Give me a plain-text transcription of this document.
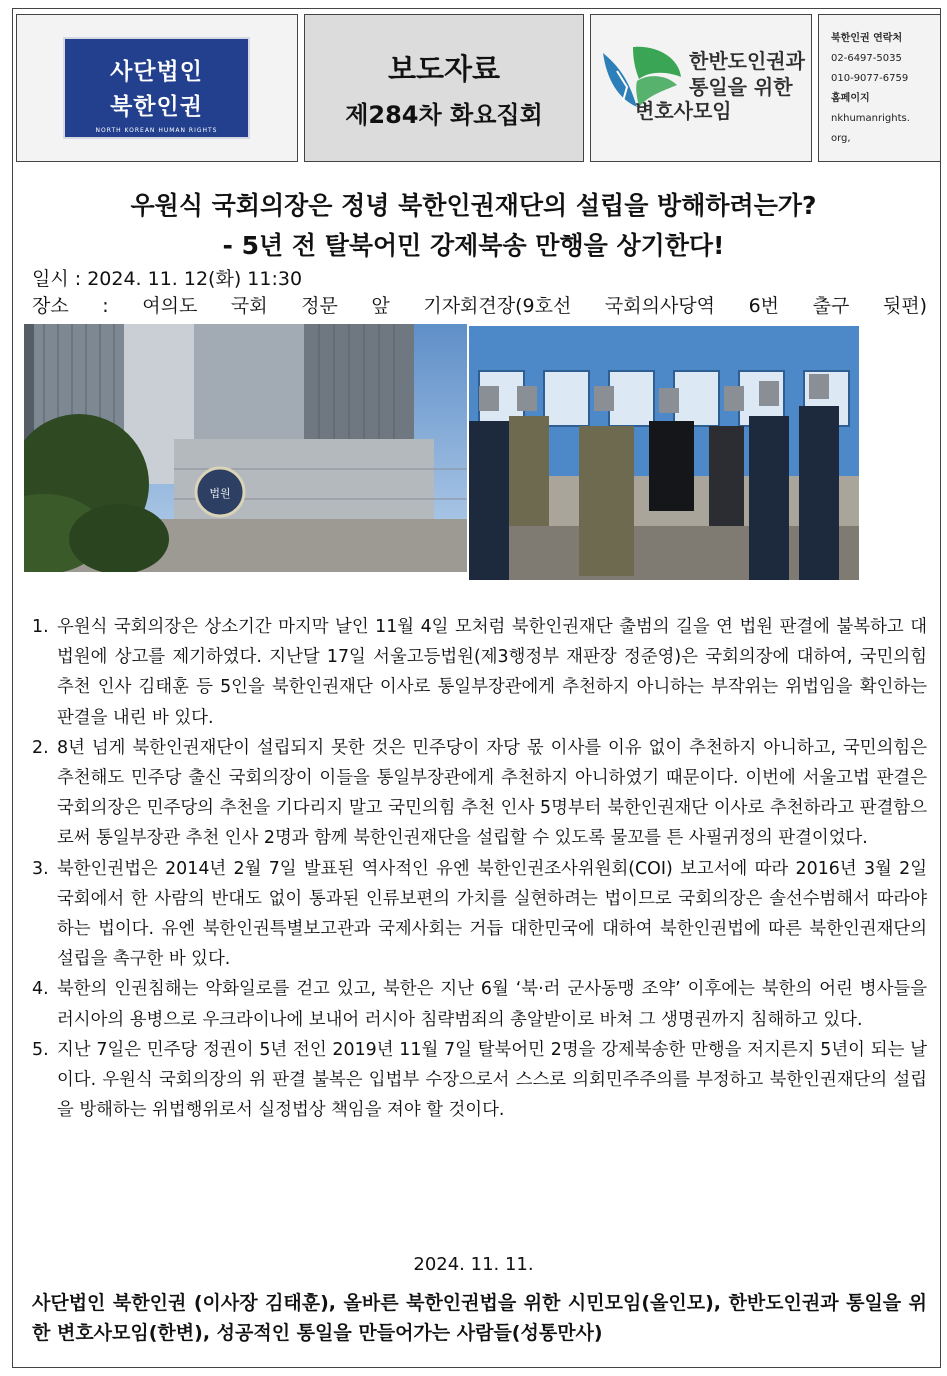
사단법인
북한인권
NORTH KOREAN HUMAN RIGHTS
보도자료
제284차 화요집회
한반도인권과
통일을 위한
변호사모임
북한인권 연락처
02-6497-5035
010-9077-6759
홈페이지
nkhumanrights.
org,
우원식 국회의장은 정녕 북한인권재단의 설립을 방해하려는가?
- 5년 전 탈북어민 강제북송 만행을 상기한다!
일시 : 2024. 11. 12(화) 11:30
장소 : 여의도 국회 정문 앞 기자회견장(9호선 국회의사당역 6번 출구 뒷편)
법원

1. 우원식 국회의장은 상소기간 마지막 날인 11월 4일 모처럼 북한인권재단 출범의 길을 연 법원 판결에 불복하고 대법원에 상고를 제기하였다. 지난달 17일 서울고등법원(제3행정부 재판장 정준영)은 국회의장에 대하여, 국민의힘 추천 인사 김태훈 등 5인을 북한인권재단 이사로 통일부장관에게 추천하지 아니하는 부작위는 위법임을 확인하는 판결을 내린 바 있다.

2. 8년 넘게 북한인권재단이 설립되지 못한 것은 민주당이 자당 몫 이사를 이유 없이 추천하지 아니하고, 국민의힘은 추천해도 민주당 출신 국회의장이 이들을 통일부장관에게 추천하지 아니하였기 때문이다. 이번에 서울고법 판결은 국회의장은 민주당의 추천을 기다리지 말고 국민의힘 추천 인사 5명부터 북한인권재단 이사로 추천하라고 판결함으로써 통일부장관 추천 인사 2명과 함께 북한인권재단을 설립할 수 있도록 물꼬를 튼 사필귀정의 판결이었다.

3. 북한인권법은 2014년 2월 7일 발표된 역사적인 유엔 북한인권조사위원회(COI) 보고서에 따라 2016년 3월 2일 국회에서 한 사람의 반대도 없이 통과된 인류보편의 가치를 실현하려는 법이므로 국회의장은 솔선수범해서 따라야 하는 법이다. 유엔 북한인권특별보고관과 국제사회는 거듭 대한민국에 대하여 북한인권법에 따른 북한인권재단의 설립을 촉구한 바 있다.

4. 북한의 인권침해는 악화일로를 걷고 있고, 북한은 지난 6월 ‘북·러 군사동맹 조약’ 이후에는 북한의 어린 병사들을 러시아의 용병으로 우크라이나에 보내어 러시아 침략범죄의 총알받이로 바쳐 그 생명권까지 침해하고 있다.

5. 지난 7일은 민주당 정권이 5년 전인 2019년 11월 7일 탈북어민 2명을 강제북송한 만행을 저지른지 5년이 되는 날이다. 우원식 국회의장의 위 판결 불복은 입법부 수장으로서 스스로 의회민주주의를 부정하고 북한인권재단의 설립을 방해하는 위법행위로서 실정법상 책임을 져야 할 것이다.

2024. 11. 11.
사단법인 북한인권 (이사장 김태훈), 올바른 북한인권법을 위한 시민모임(올인모), 한반도인권과 통일을 위한 변호사모임(한변), 성공적인 통일을 만들어가는 사람들(성통만사)
